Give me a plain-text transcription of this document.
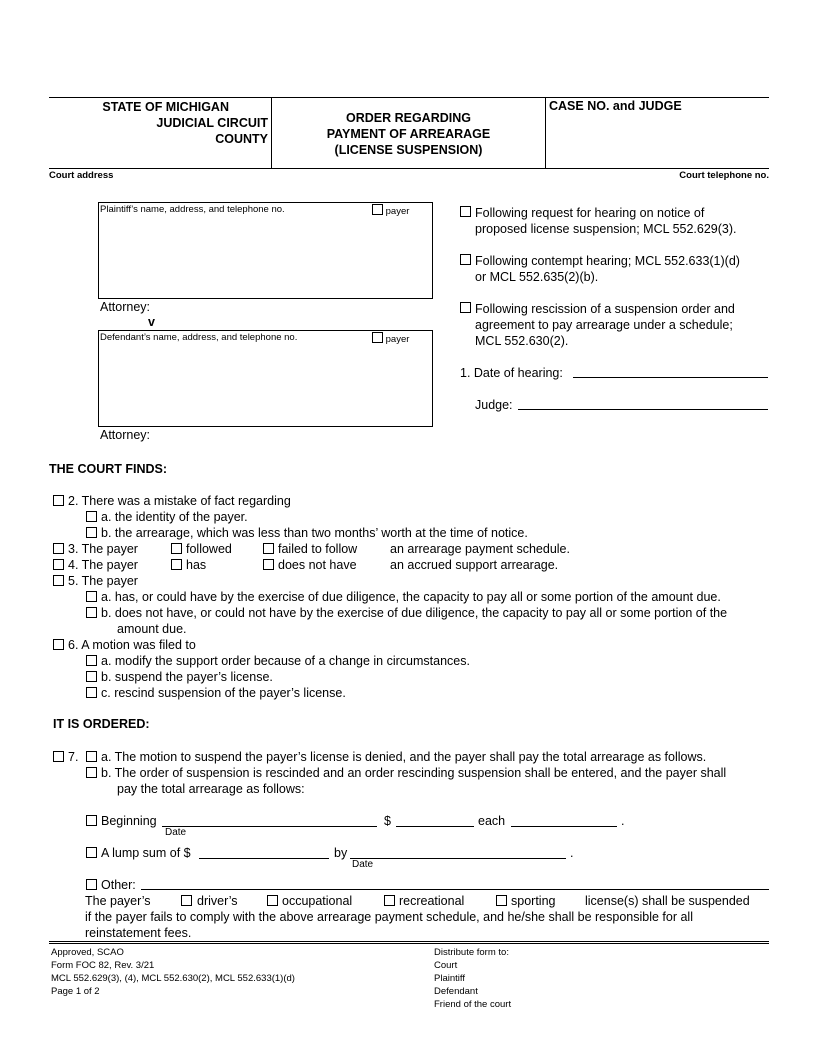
STATE OF MICHIGAN
JUDICIAL CIRCUIT
COUNTY
ORDER REGARDING
PAYMENT OF ARREARAGE
(LICENSE SUSPENSION)
CASE NO. and JUDGE
Court address	Court telephone no.
Plaintiff’s name, address, and telephone no.	payer
Attorney:
v
Defendant’s name, address, and telephone no.	payer
Attorney:
Following request for hearing on notice of
proposed license suspension; MCL 552.629(3).
Following contempt hearing; MCL 552.633(1)(d)
or MCL 552.635(2)(b).
Following rescission of a suspension order and
agreement to pay arrearage under a schedule;
MCL 552.630(2).
1. Date of hearing:
Judge:
THE COURT FINDS:
2. There was a mistake of fact regarding
a. the identity of the payer.
b. the arrearage, which was less than two months’ worth at the time of notice.
3. The payer	followed	failed to follow	an arrearage payment schedule.
4. The payer	has	does not have	an accrued support arrearage.
5. The payer
a. has, or could have by the exercise of due diligence, the capacity to pay all or some portion of the amount due.
b. does not have, or could not have by the exercise of due diligence, the capacity to pay all or some portion of the
amount due.
6. A motion was filed to
a. modify the support order because of a change in circumstances.
b. suspend the payer’s license.
c. rescind suspension of the payer’s license.
IT IS ORDERED:
7. a. The motion to suspend the payer’s license is denied, and the payer shall pay the total arrearage as follows.
b. The order of suspension is rescinded and an order rescinding suspension shall be entered, and the payer shall
pay the total arrearage as follows:
Beginning
Date
$	each	.
A lump sum of $	by
Date
.
Other:
The payer’s	driver’s	occupational	recreational	sporting license(s) shall be suspended
if the payer fails to comply with the above arrearage payment schedule, and he/she shall be responsible for all
reinstatement fees.
Approved, SCAO
Form FOC 82, Rev. 3/21
MCL 552.629(3), (4), MCL 552.630(2), MCL 552.633(1)(d)
Page 1 of 2
Distribute form to:
Court
Plaintiff
Defendant
Friend of the court
